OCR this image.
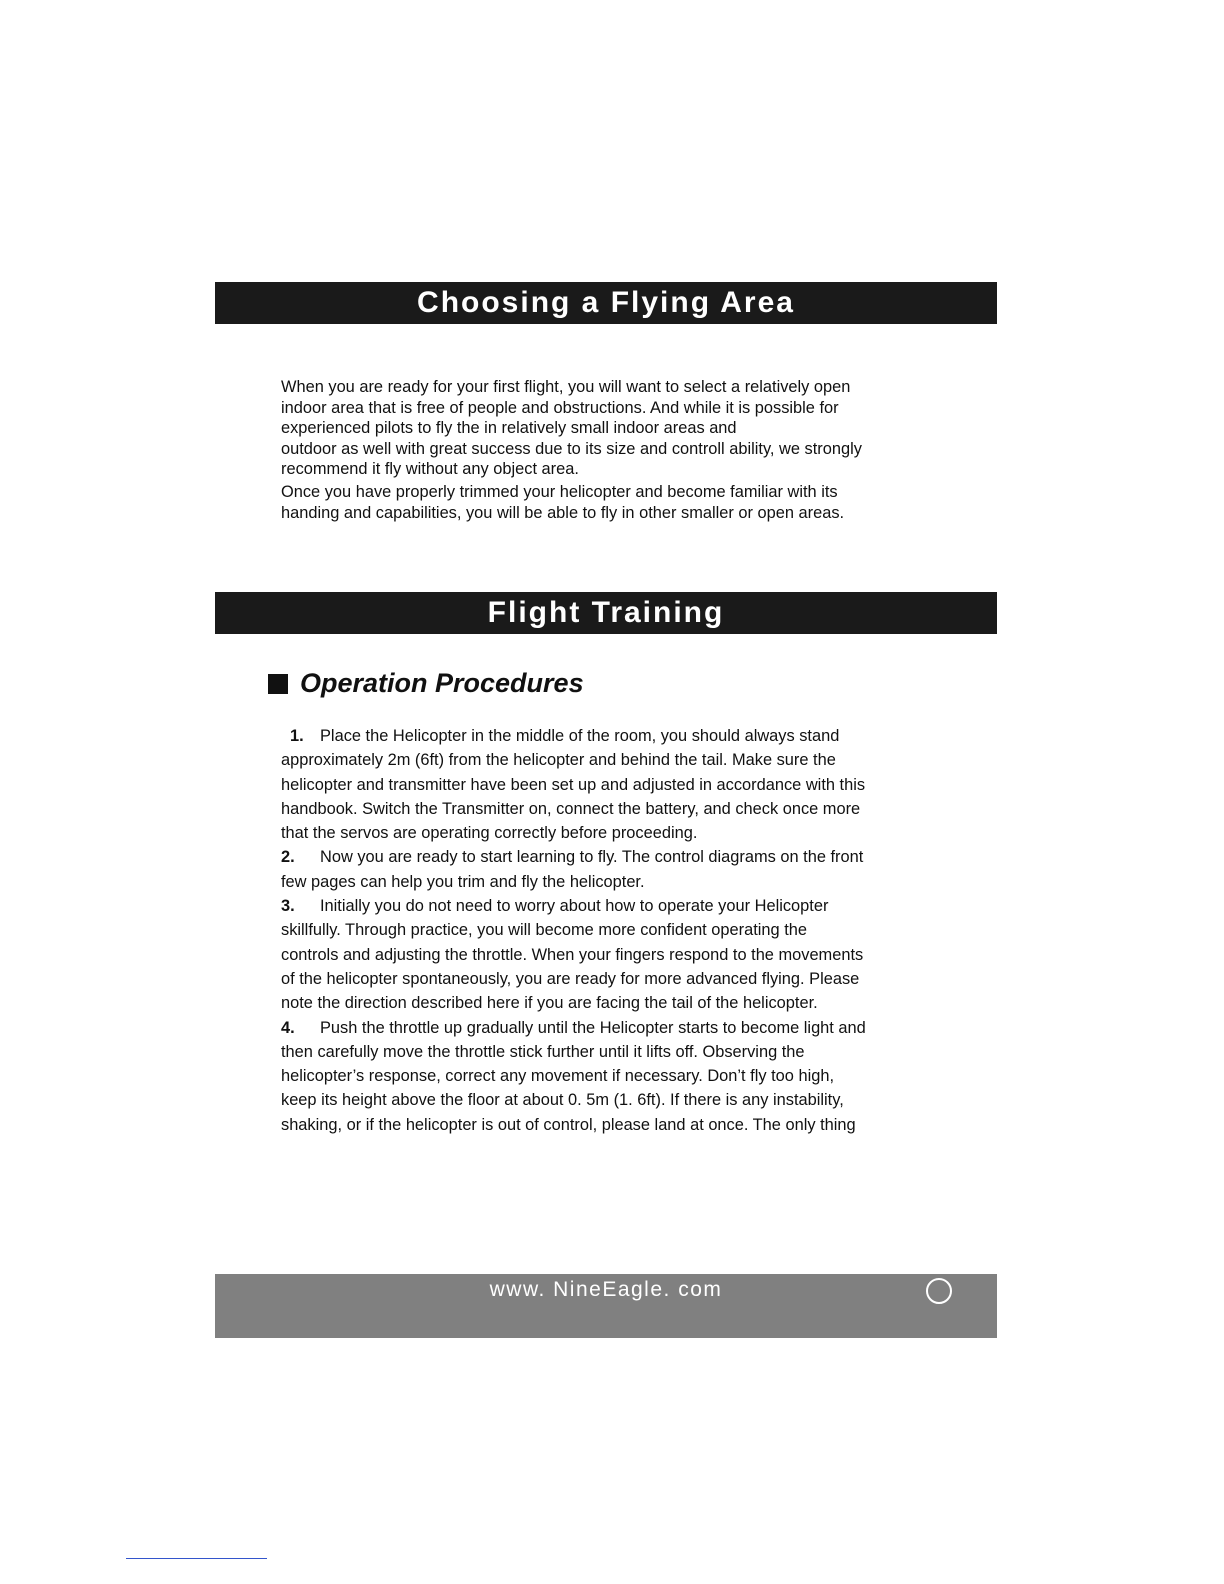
Choosing a Flying Area

When you are ready for your first flight, you will want to select a relatively open
indoor area that is free of people and obstructions. And while it is possible for
experienced pilots to fly the in relatively small indoor areas and
outdoor as well with great success due to its size and controll ability, we strongly
recommend it fly without any object area.

Once you have properly trimmed your helicopter and become familiar with its
handing and capabilities, you will be able to fly in other smaller or open areas.

Flight Training
Operation Procedures
1. Place the Helicopter in the middle of the room, you should always stand
approximately 2m (6ft) from the helicopter and behind the tail. Make sure the
helicopter and transmitter have been set up and adjusted in accordance with this
handbook. Switch the Transmitter on, connect the battery, and check once more
that the servos are operating correctly before proceeding.
2. Now you are ready to start learning to fly. The control diagrams on the front
few pages can help you trim and fly the helicopter.
3. Initially you do not need to worry about how to operate your Helicopter
skillfully. Through practice, you will become more confident operating the
controls and adjusting the throttle. When your fingers respond to the movements
of the helicopter spontaneously, you are ready for more advanced flying. Please
note the direction described here if you are facing the tail of the helicopter.
4. Push the throttle up gradually until the Helicopter starts to become light and
then carefully move the throttle stick further until it lifts off. Observing the
helicopter’s response, correct any movement if necessary. Don’t fly too high,
keep its height above the floor at about 0. 5m (1. 6ft). If there is any instability,
shaking, or if the helicopter is out of control, please land at once. The only thing
www. NineEagle. com
